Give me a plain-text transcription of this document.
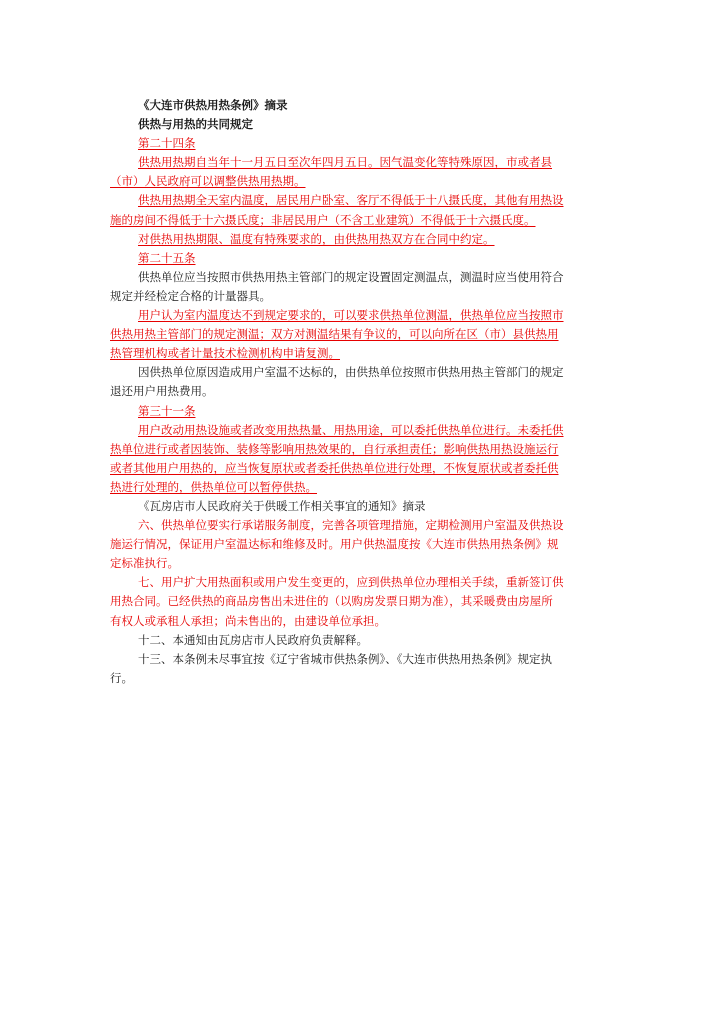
《大连市供热用热条例》摘录
供热与用热的共同规定
第二十四条
供热用热期自当年十一月五日至次年四月五日。因气温变化等特殊原因，市或者县
（市）人民政府可以调整供热用热期。
供热用热期全天室内温度，居民用户卧室、客厅不得低于十八摄氏度，其他有用热设
施的房间不得低于十六摄氏度；非居民用户（不含工业建筑）不得低于十六摄氏度。
对供热用热期限、温度有特殊要求的，由供热用热双方在合同中约定。
第二十五条
供热单位应当按照市供热用热主管部门的规定设置固定测温点，测温时应当使用符合
规定并经检定合格的计量器具。
用户认为室内温度达不到规定要求的，可以要求供热单位测温，供热单位应当按照市
供热用热主管部门的规定测温；双方对测温结果有争议的，可以向所在区（市）县供热用
热管理机构或者计量技术检测机构申请复测。
因供热单位原因造成用户室温不达标的，由供热单位按照市供热用热主管部门的规定
退还用户用热费用。
第三十一条
用户改动用热设施或者改变用热热量、用热用途，可以委托供热单位进行。未委托供
热单位进行或者因装饰、装修等影响用热效果的，自行承担责任；影响供热用热设施运行
或者其他用户用热的，应当恢复原状或者委托供热单位进行处理，不恢复原状或者委托供
热进行处理的，供热单位可以暂停供热。
《瓦房店市人民政府关于供暖工作相关事宜的通知》摘录
六、供热单位要实行承诺服务制度，完善各项管理措施，定期检测用户室温及供热设
施运行情况，保证用户室温达标和维修及时。用户供热温度按《大连市供热用热条例》规
定标准执行。
七、用户扩大用热面积或用户发生变更的，应到供热单位办理相关手续，重新签订供
用热合同。已经供热的商品房售出未进住的（以购房发票日期为准），其采暖费由房屋所
有权人或承租人承担；尚未售出的，由建设单位承担。
十二、本通知由瓦房店市人民政府负责解释。
十三、本条例未尽事宜按《辽宁省城市供热条例》、《大连市供热用热条例》规定执
行。
